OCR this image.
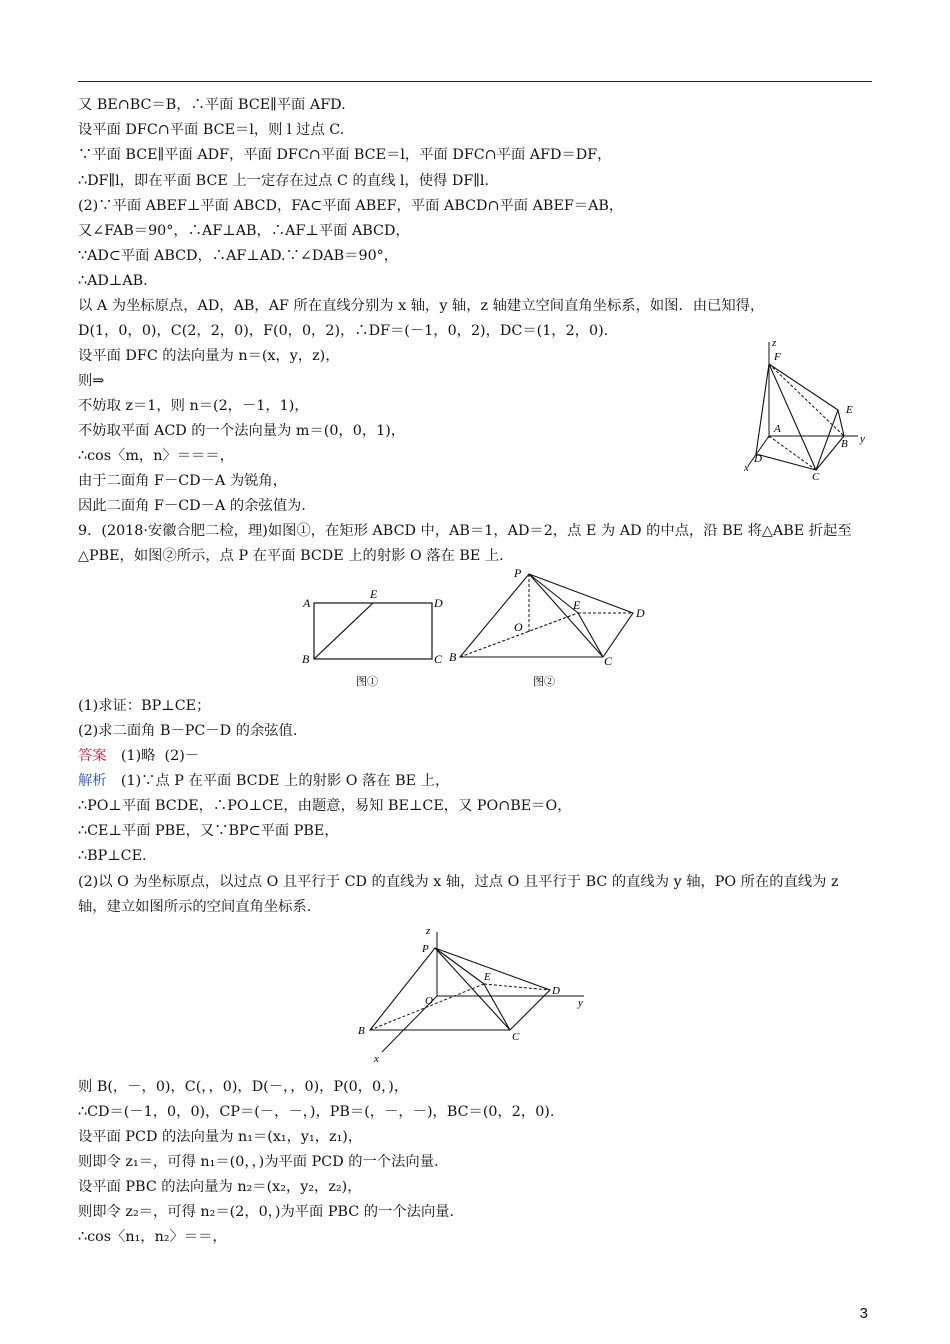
又 BE∩BC＝B，∴平面 BCE∥平面 AFD.
设平面 DFC∩平面 BCE＝l，则 l 过点 C.
∵平面 BCE∥平面 ADF，平面 DFC∩平面 BCE＝l，平面 DFC∩平面 AFD＝DF，
∴DF∥l，即在平面 BCE 上一定存在过点 C 的直线 l，使得 DF∥l.
(2)∵平面 ABEF⊥平面 ABCD，FA⊂平面 ABEF，平面 ABCD∩平面 ABEF＝AB，
又∠FAB＝90°，∴AF⊥AB，∴AF⊥平面 ABCD，
∵AD⊂平面 ABCD，∴AF⊥AD.∵∠DAB＝90°，
∴AD⊥AB.
以 A 为坐标原点，AD，AB，AF 所在直线分别为 x 轴，y 轴，z 轴建立空间直角坐标系，如图．由已知得，
D(1，0，0)，C(2，2，0)，F(0，0，2)，∴DF＝(－1，0，2)，DC＝(1，2，0).
设平面 DFC 的法向量为 n＝(x，y，z)，
则⇒
不妨取 z＝1，则 n＝(2，－1，1)，
不妨取平面 ACD 的一个法向量为 m＝(0，0，1)，
∴cos〈m，n〉＝＝＝，
由于二面角 F－CD－A 为锐角，
因此二面角 F－CD－A 的余弦值为.
9．(2018·安徽合肥二检，理)如图①，在矩形 ABCD 中，AB＝1，AD＝2，点 E 为 AD 的中点，沿 BE 将△ABE 折起至
△PBE，如图②所示，点 P 在平面 BCDE 上的射影 O 落在 BE 上.
A
E
D
B	C
图①
P
E
D
O
B	C
图②
z
F
E
A
B y
D
x
C
(1)求证：BP⊥CE；
(2)求二面角 B－PC－D 的余弦值.
答案　 (1)略  (2)－
解析　 (1)∵点 P 在平面 BCDE 上的射影 O 落在 BE 上，
∴PO⊥平面 BCDE，∴PO⊥CE，由题意，易知 BE⊥CE，又 PO∩BE＝O，
∴CE⊥平面 PBE，又∵BP⊂平面 PBE，
∴BP⊥CE.
(2)以 O 为坐标原点，以过点 O 且平行于 CD 的直线为 x 轴，过点 O 且平行于 BC 的直线为 y 轴，PO 所在的直线为 z
轴，建立如图所示的空间直角坐标系.
z
P
E
D
O	y
B	C
x
则 B(，－，0)，C(，，0)，D(－，，0)，P(0，0，)，
∴CD＝(－1，0，0)，CP＝(－，－，)，PB＝(，－，－)，BC＝(0，2，0).
设平面 PCD 的法向量为 n₁＝(x₁，y₁，z₁)，
则即令 z₁＝，可得 n₁＝(0，，)为平面 PCD 的一个法向量.
设平面 PBC 的法向量为 n₂＝(x₂，y₂，z₂)，
则即令 z₂＝，可得 n₂＝(2，0，)为平面 PBC 的一个法向量.
∴cos〈n₁，n₂〉＝＝，
3
